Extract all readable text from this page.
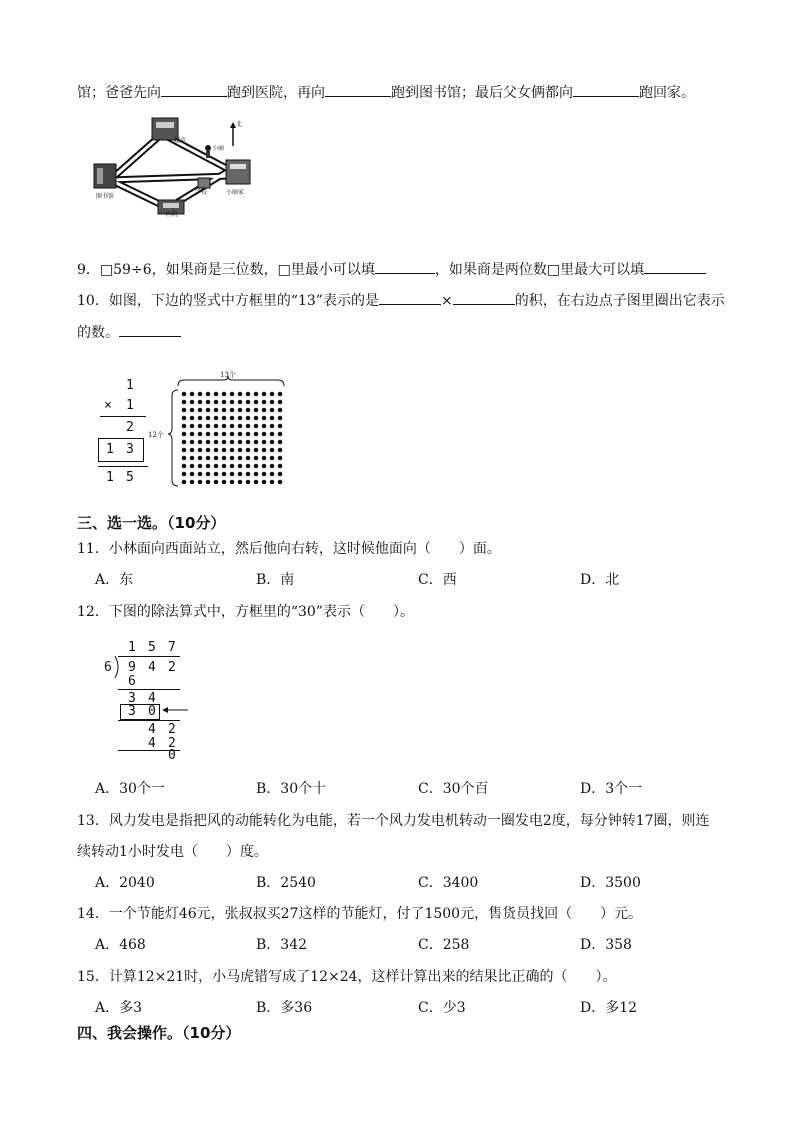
馆；爸爸先向	跑到医院，再向	跑到图书馆；最后父女俩都向	跑回家。
北
超市
小丽
图书馆
医院
学校	小丽家
9．□59÷6，如果商是三位数，□里最小可以填	，如果商是两位数□里最大可以填
10．如图，下边的竖式中方框里的“13”表示的是	×	的积，在右边点子图里圈出它表示
的数。
1
× 1
2
1 3
1 5
13个
12个
三、选一选。（10分）
11．小林面向西面站立，然后他向右转，这时候他面向（　　）面。
A．东	B．南	C．西	D．北
12．下图的除法算式中，方框里的“30”表示（　　）。
1 5 7
6 9 4 2
6
3 4
3 0
4 2
4 2
0
A．30个一	B．30个十	C．30个百	D．3个一
13．风力发电是指把风的动能转化为电能，若一个风力发电机转动一圈发电2度，每分钟转17圈，则连
续转动1小时发电（　　）度。
A．2040	B．2540	C．3400	D．3500
14．一个节能灯46元，张叔叔买27这样的节能灯，付了1500元，售货员找回（　　）元。
A．468	B．342	C．258	D．358
15．计算12×21时，小马虎错写成了12×24，这样计算出来的结果比正确的（　　）。
A．多3	B．多36	C．少3	D．多12
四、我会操作。（10分）
